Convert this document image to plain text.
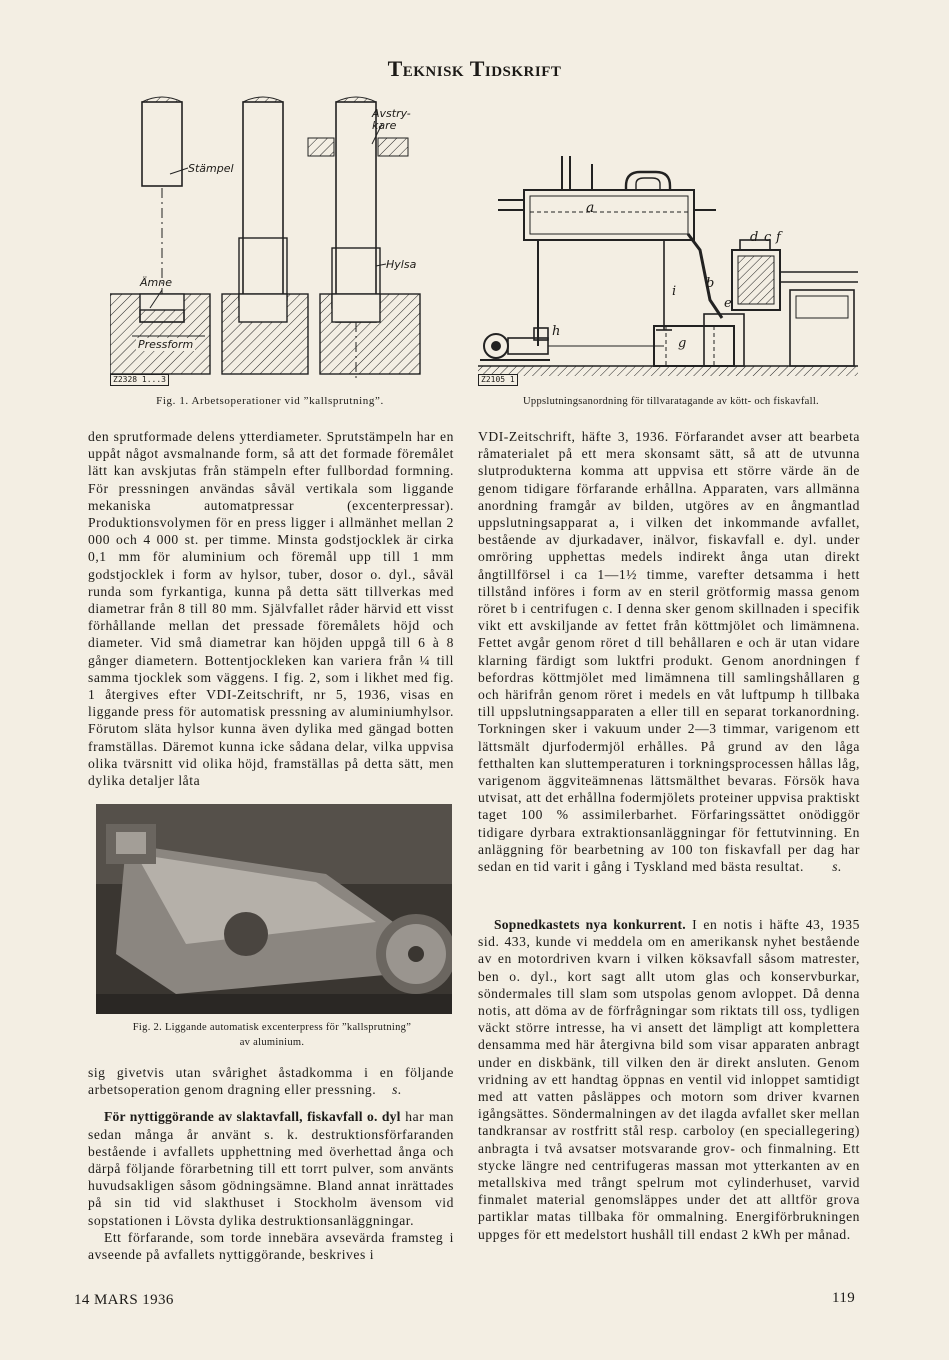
Teknisk Tidskrift
Stämpel
Ämne
Pressform
Avstry-
kare
Hylsa
Z2328 1...3
Fig. 1. Arbetsoperationer vid ”kallsprutning”.
a
d c f
b
e
i
g
h
Z2105 1
Uppslutningsanordning för tillvaratagande av kött- och fiskavfall.

den sprutformade delens ytterdiameter. Sprutstämpeln har en uppåt något avsmalnande form, så att det formade föremålet lätt kan avskjutas från stämpeln efter fullbordad formning. För pressningen användas såväl vertikala som liggande mekaniska automatpressar (excenterpressar). Produktionsvolymen för en press ligger i allmänhet mellan 2 000 och 4 000 st. per timme. Minsta godstjocklek är cirka 0,1 mm för aluminium och föremål upp till 1 mm godstjocklek i form av hylsor, tuber, dosor o. dyl., såväl runda som fyrkantiga, kunna på detta sätt tillverkas med diametrar från 8 till 80 mm. Självfallet råder härvid ett visst förhållande mellan det pressade föremålets höjd och diameter. Vid små diametrar kan höjden uppgå till 6 à 8 gånger diametern. Bottentjockleken kan variera från ¼ till samma tjocklek som väggens. I fig. 2, som i likhet med fig. 1 återgives efter VDI-Zeitschrift, nr 5, 1936, visas en liggande press för automatisk pressning av aluminiumhylsor. Förutom släta hylsor kunna även dylika med gängad botten framställas. Däremot kunna icke sådana delar, vilka uppvisa olika tvärsnitt vid olika höjd, framställas på detta sätt, men dylika detaljer låta

Fig. 2. Liggande automatisk excenterpress för ”kallsprutning”
av aluminium.

sig givetvis utan svårighet åstadkomma i en följande arbetsoperation genom dragning eller pressning. s.

För nyttiggörande av slaktavfall, fiskavfall o. dyl har man sedan många år använt s. k. destruktionsförfaranden bestående i avfallets upphettning med överhettad ånga och därpå följande förarbetning till ett torrt pulver, som använts huvudsakligen såsom gödningsämne. Bland annat inrättades på sin tid vid slakthuset i Stockholm ävensom vid sopstationen i Lövsta dylika destruktionsanläggningar.

Ett förfarande, som torde innebära avsevärda framsteg i avseende på avfallets nyttiggörande, beskrives i

VDI-Zeitschrift, häfte 3, 1936. Förfarandet avser att bearbeta råmaterialet på ett mera skonsamt sätt, så att de utvunna slutprodukterna komma att uppvisa ett större värde än de genom tidigare förfarande erhållna. Apparaten, vars allmänna anordning framgår av bilden, utgöres av en ångmantlad uppslutningsapparat a, i vilken det inkommande avfallet, bestående av djurkadaver, inälvor, fiskavfall e. dyl. under omröring upphettas medels indirekt ånga utan direkt ångtillförsel i ca 1—1½ timme, varefter detsamma i hett tillstånd införes i form av en steril grötformig massa genom röret b i centrifugen c. I denna sker genom skillnaden i specifik vikt ett avskiljande av fettet från köttmjölet och limämnena. Fettet avgår genom röret d till behållaren e och är utan vidare klarning färdigt som luktfri produkt. Genom anordningen f befordras köttmjölet med limämnena till samlingshållaren g och härifrån genom röret i medels en våt luftpump h tillbaka till uppslutningsapparaten a eller till en separat torkanordning. Torkningen sker i vakuum under 2—3 timmar, varigenom ett lättsmält djurfodermjöl erhålles. På grund av den låga fetthalten kan sluttemperaturen i torkningsprocessen hållas låg, varigenom äggviteämnenas lättsmälthet bevaras. Försök hava utvisat, att det erhållna fodermjölets proteiner uppvisa praktiskt taget 100 % assimilerbarhet. Förfaringssättet onödiggör tidigare dyrbara extraktionsanläggningar för fettutvinning. En anläggning för bearbetning av 100 ton fiskavfall per dag har sedan en tid varit i gång i Tyskland med bästa resultat. s.

Sopnedkastets nya konkurrent. I en notis i häfte 43, 1935 sid. 433, kunde vi meddela om en amerikansk nyhet bestående av en motordriven kvarn i vilken köksavfall såsom matrester, ben o. dyl., kort sagt allt utom glas och konservburkar, söndermales till slam som utspolas genom avloppet. Då denna notis, att döma av de förfrågningar som riktats till oss, tydligen väckt större intresse, ha vi ansett det lämpligt att komplettera densamma med här återgivna bild som visar apparaten anbragt under en diskbänk, till vilken den är direkt ansluten. Genom vridning av ett handtag öppnas en ventil vid inloppet samtidigt med att vatten påsläppes och motorn som driver kvarnen igångsättes. Söndermalningen av det ilagda avfallet sker mellan tandkransar av rostfritt stål resp. carboloy (en speciallegering) anbragta i två avsatser motsvarande grov- och finmalning. Ett stycke längre ned centrifugeras massan mot ytterkanten av en metallskiva med trångt spelrum mot cylinderhuset, varvid finmalet material genomsläppes under det att alltför grova partiklar matas tillbaka för ommalning. Energiförbrukningen uppges för ett medelstort hushåll till endast 2 kWh per månad.

14 MARS 1936	119
